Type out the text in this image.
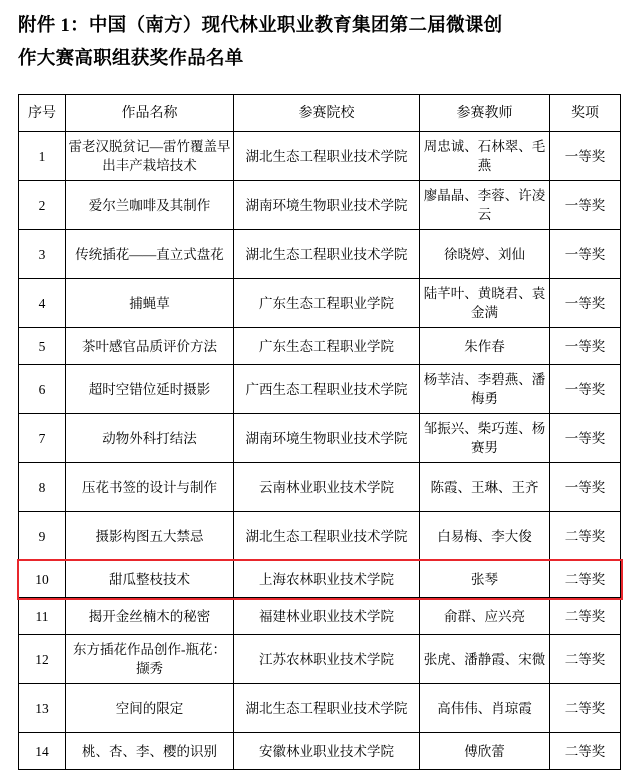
附件 1：中国（南方）现代林业职业教育集团第二届微课创
作大赛高职组获奖作品名单
序号	作品名称	参赛院校	参赛教师	奖项
1	雷老汉脱贫记—雷竹覆盖早出丰产栽培技术	湖北生态工程职业技术学院	周忠诚、石林翠、毛燕	一等奖
2	爱尔兰咖啡及其制作	湖南环境生物职业技术学院	廖晶晶、李蓉、许凌云	一等奖
3	传统插花——直立式盘花	湖北生态工程职业技术学院	徐晓婷、刘仙	一等奖
4	捕蝇草	广东生态工程职业学院	陆芊叶、黄晓君、袁金满	一等奖
5	茶叶感官品质评价方法	广东生态工程职业学院	朱作春	一等奖
6	超时空错位延时摄影	广西生态工程职业技术学院	杨莘洁、李碧燕、潘梅勇	一等奖
7	动物外科打结法	湖南环境生物职业技术学院	邹振兴、柴巧莲、杨赛男	一等奖
8	压花书签的设计与制作	云南林业职业技术学院	陈霞、王琳、王齐	一等奖
9	摄影构图五大禁忌	湖北生态工程职业技术学院	白易梅、李大俊	二等奖
10	甜瓜整枝技术	上海农林职业技术学院	张琴	二等奖
11	揭开金丝楠木的秘密	福建林业职业技术学院	俞群、应兴亮	二等奖
12	东方插花作品创作-瓶花：撷秀	江苏农林职业技术学院	张虎、潘静霞、宋微	二等奖
13	空间的限定	湖北生态工程职业技术学院	高伟伟、肖琼霞	二等奖
14	桃、杏、李、樱的识别	安徽林业职业技术学院	傅欣蕾	二等奖
